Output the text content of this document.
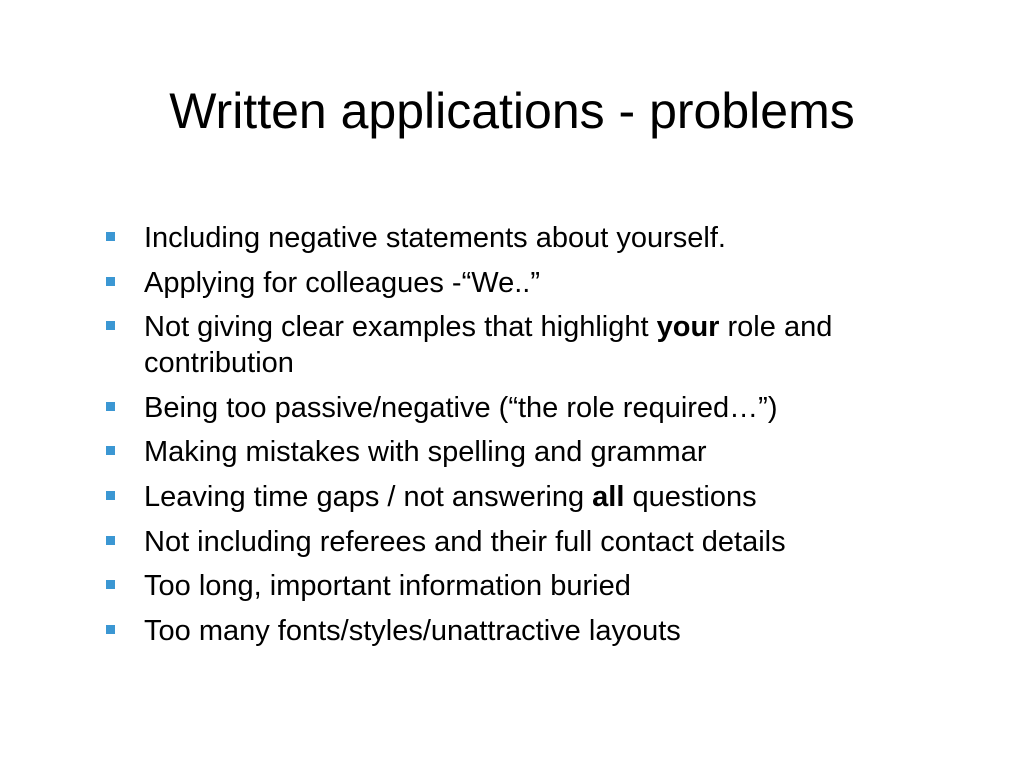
Written applications - problems
Including negative statements about yourself.
Applying for colleagues -“We..”
Not giving clear examples that highlight your role and contribution
Being too passive/negative (“the role required…”)
Making mistakes with spelling and grammar
Leaving time gaps / not answering all questions
Not including referees and their full contact details
Too long, important information buried
Too many fonts/styles/unattractive layouts
